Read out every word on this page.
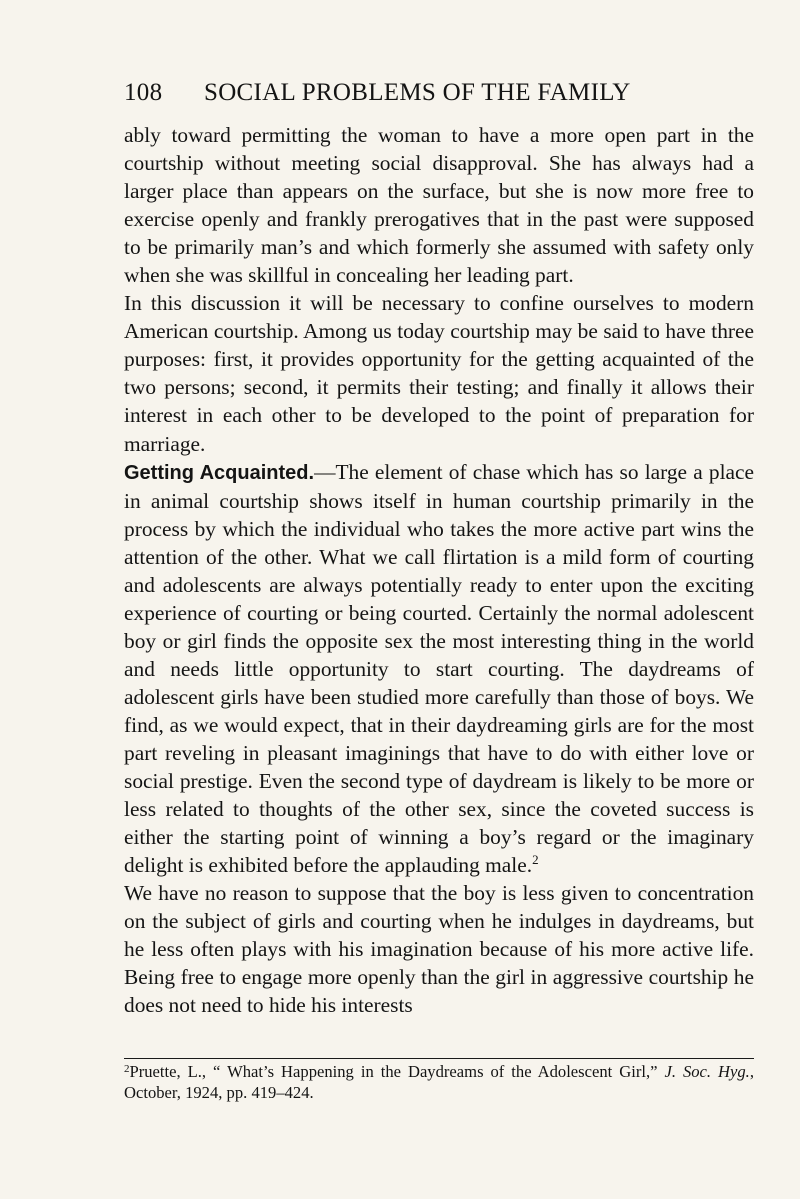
108 SOCIAL PROBLEMS OF THE FAMILY

ably toward permitting the woman to have a more open part in the courtship without meeting social disapproval. She has always had a larger place than appears on the surface, but she is now more free to exercise openly and frankly prerogatives that in the past were supposed to be primarily man’s and which formerly she assumed with safety only when she was skillful in concealing her leading part.

In this discussion it will be necessary to confine ourselves to modern American courtship. Among us today courtship may be said to have three purposes: first, it provides opportunity for the getting acquainted of the two persons; second, it permits their testing; and finally it allows their interest in each other to be developed to the point of preparation for marriage.

Getting Acquainted.—The element of chase which has so large a place in animal courtship shows itself in human courtship primarily in the process by which the individual who takes the more active part wins the attention of the other. What we call flirtation is a mild form of courting and adolescents are always potentially ready to enter upon the exciting experience of courting or being courted. Certainly the normal adolescent boy or girl finds the opposite sex the most interesting thing in the world and needs little opportunity to start courting. The daydreams of adolescent girls have been studied more carefully than those of boys. We find, as we would expect, that in their daydreaming girls are for the most part reveling in pleasant imaginings that have to do with either love or social prestige. Even the second type of daydream is likely to be more or less related to thoughts of the other sex, since the coveted success is either the starting point of winning a boy’s regard or the imaginary delight is exhibited before the applauding male.$^2$

We have no reason to suppose that the boy is less given to concentration on the subject of girls and courting when he indulges in daydreams, but he less often plays with his imagination because of his more active life. Being free to engage more openly than the girl in aggressive courtship he does not need to hide his interests

$^2$Pruette, L., “ What’s Happening in the Daydreams of the Adolescent Girl,” J. Soc. Hyg., October, 1924, pp. 419–424.
